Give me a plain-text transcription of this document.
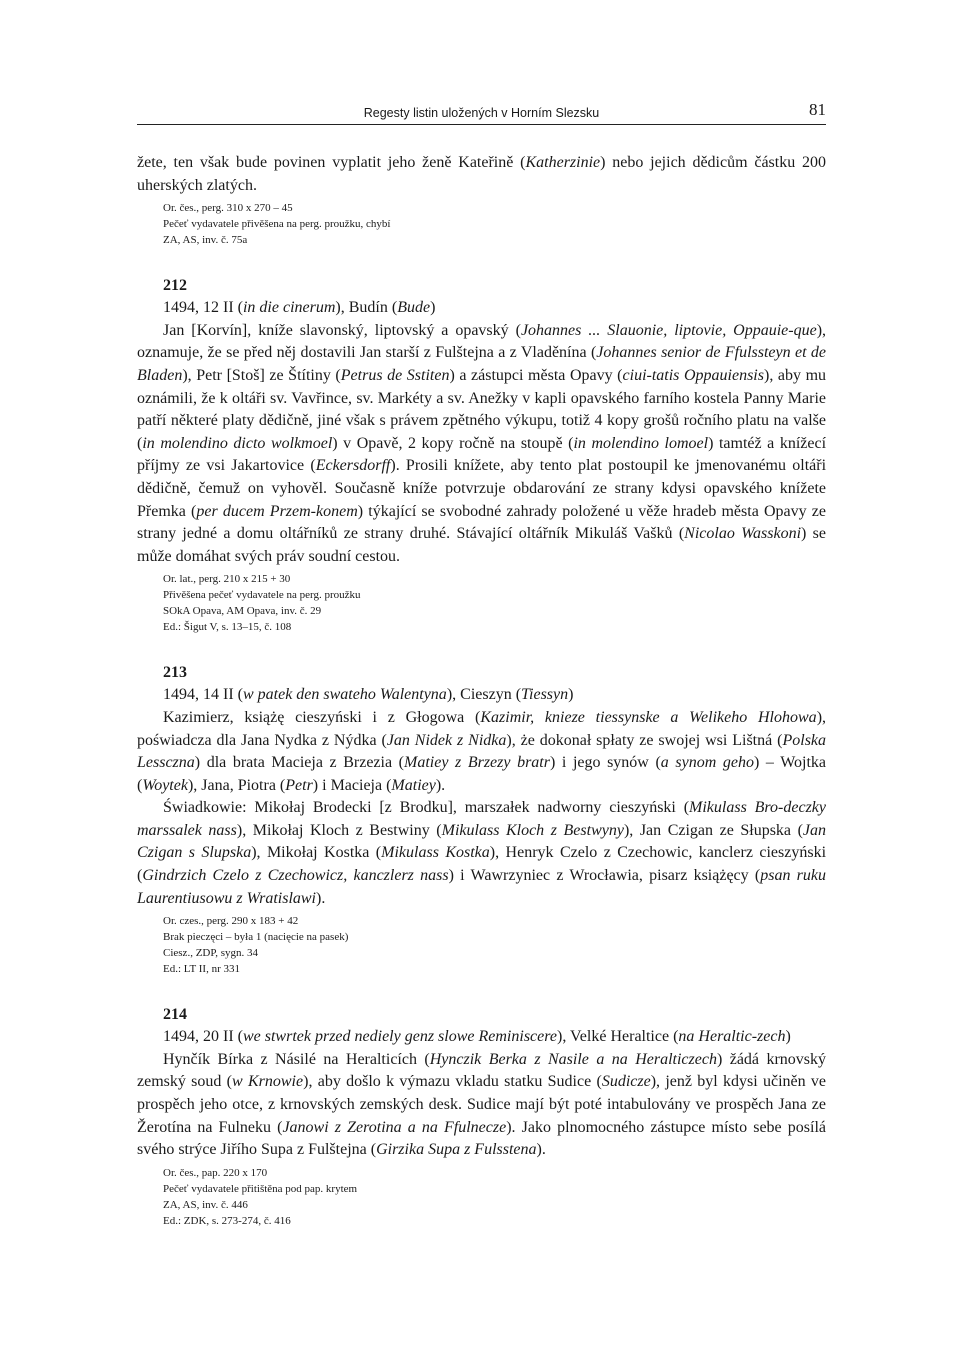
Regesty listin uložených v Horním Slezsku	81

žete, ten však bude povinen vyplatit jeho ženě Kateřině (Katherzinie) nebo jejich dědicům částku 200 uherských zlatých.

Or. čes., perg. 310 x 270 – 45
Pečeť vydavatele přivěšena na perg. proužku, chybí
ZA, AS, inv. č. 75a
212

1494, 12 II (in die cinerum), Budín (Bude)

Jan [Korvín], kníže slavonský, liptovský a opavský (Johannes ... Slauonie, liptovie, Oppauie-que), oznamuje, že se před něj dostavili Jan starší z Fulštejna a z Vladěnína (Johannes senior de Ffulssteyn et de Bladen), Petr [Stoš] ze Štítiny (Petrus de Sstiten) a zástupci města Opavy (ciui-tatis Oppauiensis), aby mu oznámili, že k oltáři sv. Vavřince, sv. Markéty a sv. Anežky v kapli opavského farního kostela Panny Marie patří některé platy dědičně, jiné však s právem zpětného výkupu, totiž 4 kopy grošů ročního platu na valše (in molendino dicto wolkmoel) v Opavě, 2 kopy ročně na stoupě (in molendino lomoel) tamtéž a knížecí příjmy ze vsi Jakartovice (Eckersdorff). Prosili knížete, aby tento plat postoupil ke jmenovanému oltáři dědičně, čemuž on vyhověl. Současně kníže potvrzuje obdarování ze strany kdysi opavského knížete Přemka (per ducem Przem-konem) týkající se svobodné zahrady položené u věže hradeb města Opavy ze strany jedné a domu oltářníků ze strany druhé. Stávající oltářník Mikuláš Vašků (Nicolao Wasskoni) se může domáhat svých práv soudní cestou.

Or. lat., perg. 210 x 215 + 30
Přivěšena pečeť vydavatele na perg. proužku
SOkA Opava, AM Opava, inv. č. 29
Ed.: Šigut V, s. 13–15, č. 108
213

1494, 14 II (w patek den swateho Walentyna), Cieszyn (Tiessyn)

Kazimierz, książę cieszyński i z Głogowa (Kazimir, knieze tiessynske a Welikeho Hlohowa), poświadcza dla Jana Nydka z Nýdka (Jan Nidek z Nidka), że dokonał spłaty ze swojej wsi Lištná (Polska Lessczna) dla brata Macieja z Brzezia (Matiey z Brzezy bratr) i jego synów (a synom geho) – Wojtka (Woytek), Jana, Piotra (Petr) i Macieja (Matiey).

Świadkowie: Mikołaj Brodecki [z Brodku], marszałek nadworny cieszyński (Mikulass Bro-deczky marssalek nass), Mikołaj Kloch z Bestwiny (Mikulass Kloch z Bestwyny), Jan Czigan ze Słupska (Jan Czigan s Slupska), Mikołaj Kostka (Mikulass Kostka), Henryk Czelo z Czechowic, kanclerz cieszyński (Gindrzich Czelo z Czechowicz, kanczlerz nass) i Wawrzyniec z Wrocławia, pisarz książęcy (psan ruku Laurentiusowu z Wratislawi).

Or. czes., perg. 290 x 183 + 42
Brak pieczęci – była 1 (nacięcie na pasek)
Ciesz., ZDP, sygn. 34
Ed.: LT II, nr 331
214

1494, 20 II (we stwrtek przed nediely genz slowe Reminiscere), Velké Heraltice (na Heraltic-zech)

Hynčík Bírka z Násilé na Heralticích (Hynczik Berka z Nasile a na Heralticzech) žádá krnovský zemský soud (w Krnowie), aby došlo k výmazu vkladu statku Sudice (Sudicze), jenž byl kdysi učiněn ve prospěch jeho otce, z krnovských zemských desk. Sudice mají být poté intabulovány ve prospěch Jana ze Žerotína na Fulneku (Janowi z Zerotina a na Ffulnecze). Jako plnomocného zástupce místo sebe posílá svého strýce Jiřího Supa z Fulštejna (Girzika Supa z Fulsstena).

Or. čes., pap. 220 x 170
Pečeť vydavatele přitištěna pod pap. krytem
ZA, AS, inv. č. 446
Ed.: ZDK, s. 273-274, č. 416
